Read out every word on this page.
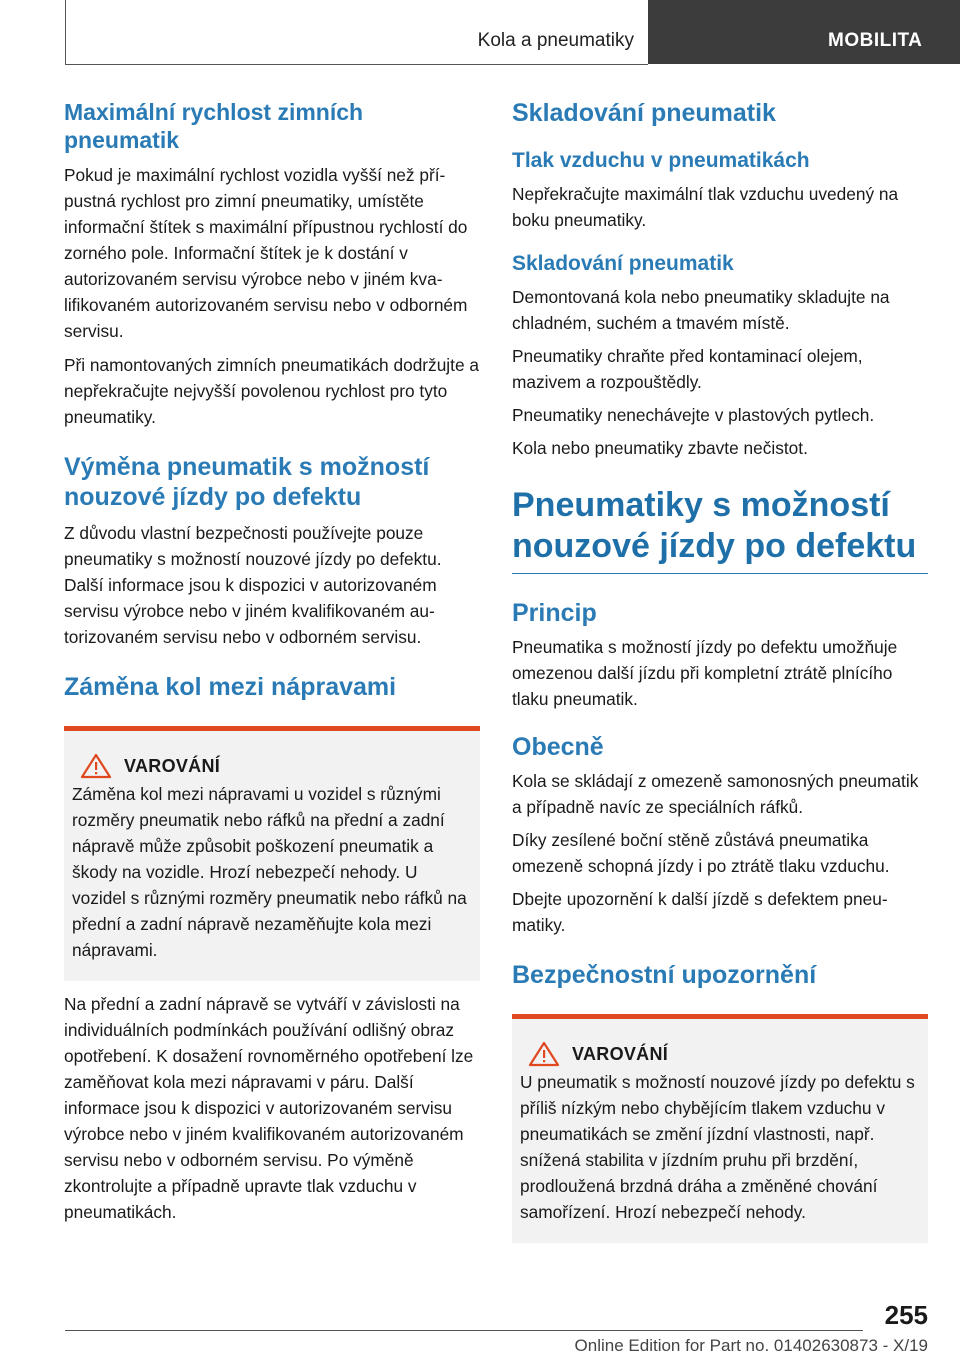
Kola a pneumatiky	MOBILITA
Maximální rychlost zimních pneumatik

Pokud je maximální rychlost vozidla vyšší než přípustná rychlost pro zimní pneumatiky, umístěte informační štítek s maximální přípustnou rychlostí do zorného pole. Informační štítek je k dostání v autorizovaném servisu výrobce nebo v jiném kvalifikovaném autorizovaném servisu nebo v odborném servisu.

Při namontovaných zimních pneumatikách dodržujte a nepřekračujte nejvyšší povolenou rychlost pro tyto pneumatiky.

Výměna pneumatik s možností nouzové jízdy po defektu

Z důvodu vlastní bezpečnosti používejte pouze pneumatiky s možností nouzové jízdy po defektu. Další informace jsou k dispozici v autorizovaném servisu výrobce nebo v jiném kvalifikovaném autorizovaném servisu nebo v odborném servisu.

Záměna kol mezi nápravami
VAROVÁNÍ

Záměna kol mezi nápravami u vozidel s různými rozměry pneumatik nebo ráfků na přední a zadní nápravě může způsobit poškození pneumatik a škody na vozidle. Hrozí nebezpečí nehody. U vozidel s různými rozměry pneumatik nebo ráfků na přední a zadní nápravě nezaměňujte kola mezi nápravami.

Na přední a zadní nápravě se vytváří v závislosti na individuálních podmínkách používání odlišný obraz opotřebení. K dosažení rovnoměrného opotřebení lze zaměňovat kola mezi nápravami v páru. Další informace jsou k dispozici v autorizovaném servisu výrobce nebo v jiném kvalifikovaném autorizovaném servisu nebo v odborném servisu. Po výměně zkontrolujte a případně upravte tlak vzduchu v pneumatikách.

Skladování pneumatik
Tlak vzduchu v pneumatikách

Nepřekračujte maximální tlak vzduchu uvedený na boku pneumatiky.

Skladování pneumatik

Demontovaná kola nebo pneumatiky skladujte na chladném, suchém a tmavém místě.

Pneumatiky chraňte před kontaminací olejem, mazivem a rozpouštědly.

Pneumatiky nenechávejte v plastových pytlech.

Kola nebo pneumatiky zbavte nečistot.

Pneumatiky s možností nouzové jízdy po defektu
Princip

Pneumatika s možností jízdy po defektu umožňuje omezenou další jízdu při kompletní ztrátě plnícího tlaku pneumatik.

Obecně

Kola se skládají z omezeně samonosných pneumatik a případně navíc ze speciálních ráfků.

Díky zesílené boční stěně zůstává pneumatika omezeně schopná jízdy i po ztrátě tlaku vzduchu.

Dbejte upozornění k další jízdě s defektem pneumatiky.

Bezpečnostní upozornění
VAROVÁNÍ

U pneumatik s možností nouzové jízdy po defektu s příliš nízkým nebo chybějícím tlakem vzduchu v pneumatikách se změní jízdní vlastnosti, např. snížená stabilita v jízdním pruhu při brzdění, prodloužená brzdná dráha a změněné chování samořízení. Hrozí nebezpečí nehody.

255
Online Edition for Part no. 01402630873 - X/19
